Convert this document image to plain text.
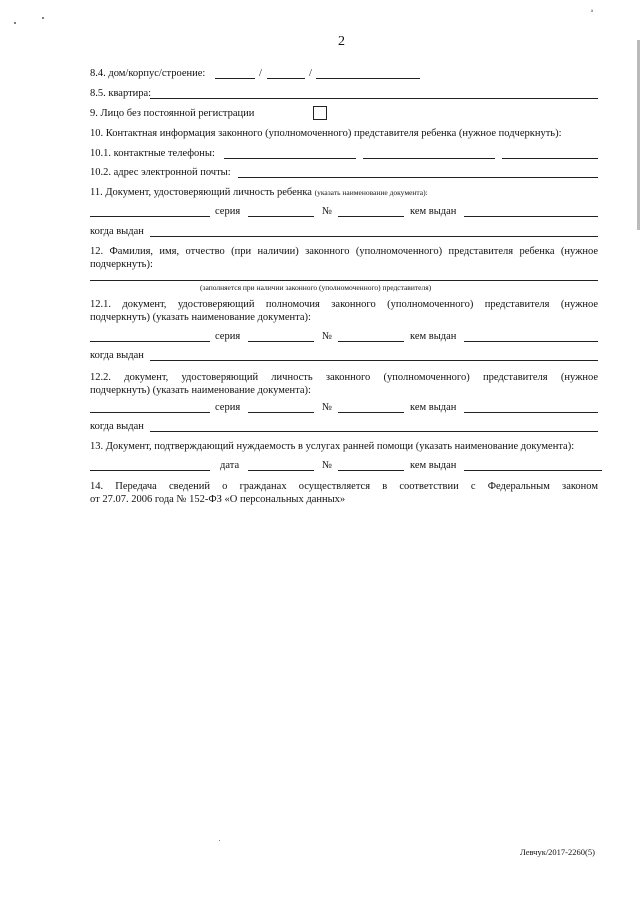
2
8.4. дом/корпус/строение:	/	/
8.5. квартира:
9. Лицо без постоянной регистрации
10. Контактная информация законного (уполномоченного) представителя ребенка (нужное подчеркнуть):
10.1. контактные телефоны:
10.2. адрес электронной почты:
11. Документ, удостоверяющий личность ребенка (указать наименование документа):
серия	№	кем выдан
когда выдан
12. Фамилия, имя, отчество (при наличии) законного (уполномоченного) представителя ребенка (нужное
подчеркнуть):
(заполняется при наличии законного (уполномоченного) представителя)
12.1. документ, удостоверяющий полномочия законного (уполномоченного) представителя (нужное
подчеркнуть) (указать наименование документа):
серия	№	кем выдан
когда выдан
12.2. документ, удостоверяющий личность законного (уполномоченного) представителя (нужное
подчеркнуть) (указать наименование документа):
серия	№	кем выдан
когда выдан
13. Документ, подтверждающий нуждаемость в услугах ранней помощи (указать наименование документа):
дата	№	кем выдан
14. Передача сведений о гражданах осуществляется в соответствии с Федеральным законом
от 27.07. 2006 года № 152-ФЗ «О персональных данных»
Левчук/2017-2260(5)
